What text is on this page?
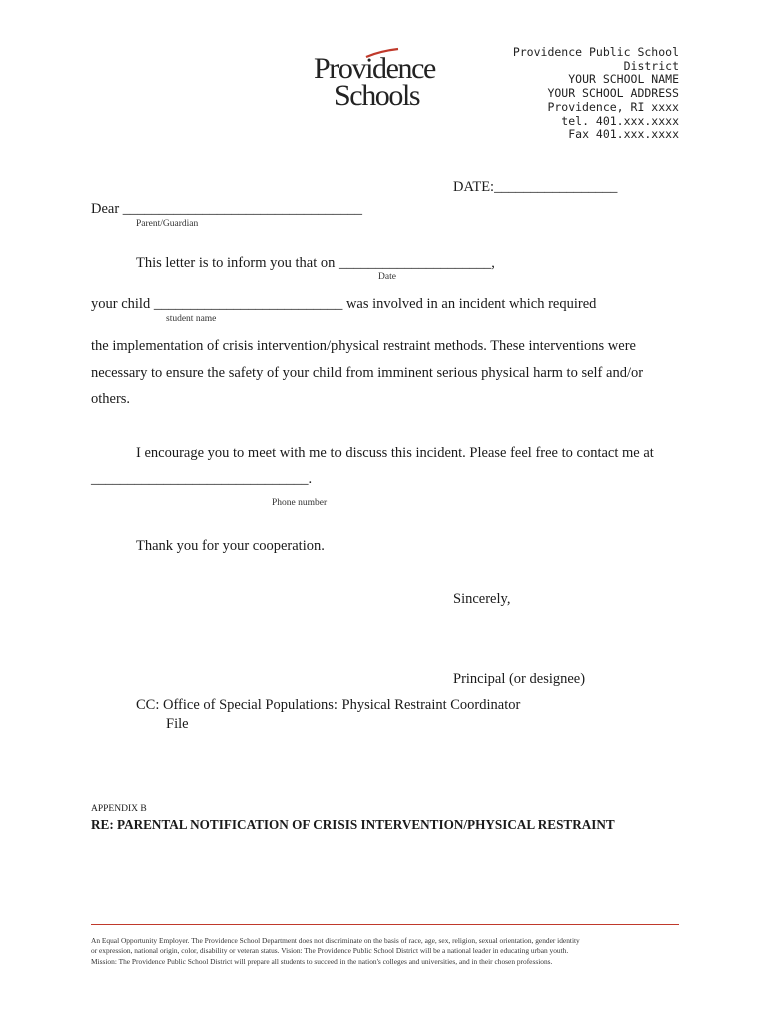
Providence
Schools
Providence Public School
District
YOUR SCHOOL NAME
YOUR SCHOOL ADDRESS
Providence, RI xxxx
tel. 401.xxx.xxxx
Fax 401.xxx.xxxx
DATE:_________________
Dear _________________________________
Parent/Guardian
This letter is to inform you that on _____________________,
Date
your child __________________________ was involved in an incident which required
student name
the implementation of crisis intervention/physical restraint methods. These interventions were
necessary to ensure the safety of your child from imminent serious physical harm to self and/or
others.
I encourage you to meet with me to discuss this incident. Please feel free to contact me at
______________________________.
Phone number
Thank you for your cooperation.
Sincerely,
Principal (or designee)
CC: Office of Special Populations: Physical Restraint Coordinator
File
APPENDIX B
RE: PARENTAL NOTIFICATION OF CRISIS INTERVENTION/PHYSICAL RESTRAINT
An Equal Opportunity Employer. The Providence School Department does not discriminate on the basis of race, age, sex, religion, sexual orientation, gender identity
or expression, national origin, color, disability or veteran status. Vision: The Providence Public School District will be a national leader in educating urban youth.
Mission: The Providence Public School District will prepare all students to succeed in the nation's colleges and universities, and in their chosen professions.
